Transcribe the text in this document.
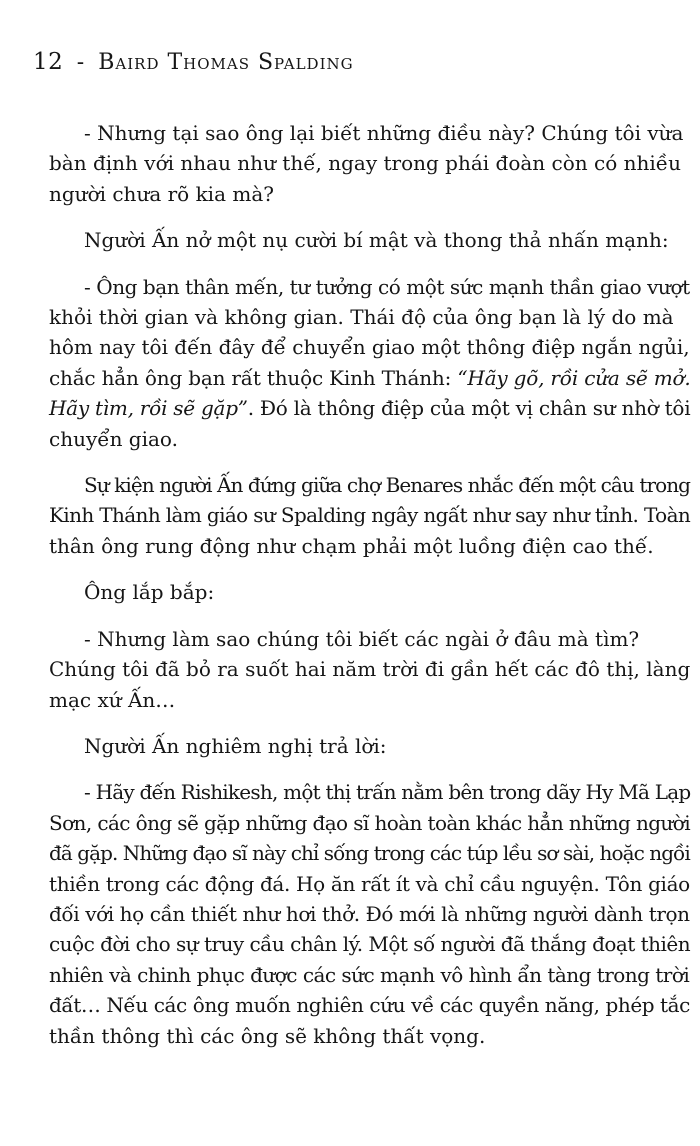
12 - Baird Thomas Spalding
- Nhưng tại sao ông lại biết những điều này? Chúng tôi vừa
bàn định với nhau như thế, ngay trong phái đoàn còn có nhiều
người chưa rõ kia mà?
Người Ấn nở một nụ cười bí mật và thong thả nhấn mạnh:
- Ông bạn thân mến, tư tưởng có một sức mạnh thần giao vượt
khỏi thời gian và không gian. Thái độ của ông bạn là lý do mà
hôm nay tôi đến đây để chuyển giao một thông điệp ngắn ngủi,
chắc hẳn ông bạn rất thuộc Kinh Thánh: “Hãy gõ, rồi cửa sẽ mở.
Hãy tìm, rồi sẽ gặp”. Đó là thông điệp của một vị chân sư nhờ tôi
chuyển giao.
Sự kiện người Ấn đứng giữa chợ Benares nhắc đến một câu trong
Kinh Thánh làm giáo sư Spalding ngây ngất như say như tỉnh. Toàn
thân ông rung động như chạm phải một luồng điện cao thế.
Ông lắp bắp:
- Nhưng làm sao chúng tôi biết các ngài ở đâu mà tìm?
Chúng tôi đã bỏ ra suốt hai năm trời đi gần hết các đô thị, làng
mạc xứ Ấn…
Người Ấn nghiêm nghị trả lời:
- Hãy đến Rishikesh, một thị trấn nằm bên trong dãy Hy Mã Lạp
Sơn, các ông sẽ gặp những đạo sĩ hoàn toàn khác hẳn những người
đã gặp. Những đạo sĩ này chỉ sống trong các túp lều sơ sài, hoặc ngồi
thiền trong các động đá. Họ ăn rất ít và chỉ cầu nguyện. Tôn giáo
đối với họ cần thiết như hơi thở. Đó mới là những người dành trọn
cuộc đời cho sự truy cầu chân lý. Một số người đã thắng đoạt thiên
nhiên và chinh phục được các sức mạnh vô hình ẩn tàng trong trời
đất… Nếu các ông muốn nghiên cứu về các quyền năng, phép tắc
thần thông thì các ông sẽ không thất vọng.
